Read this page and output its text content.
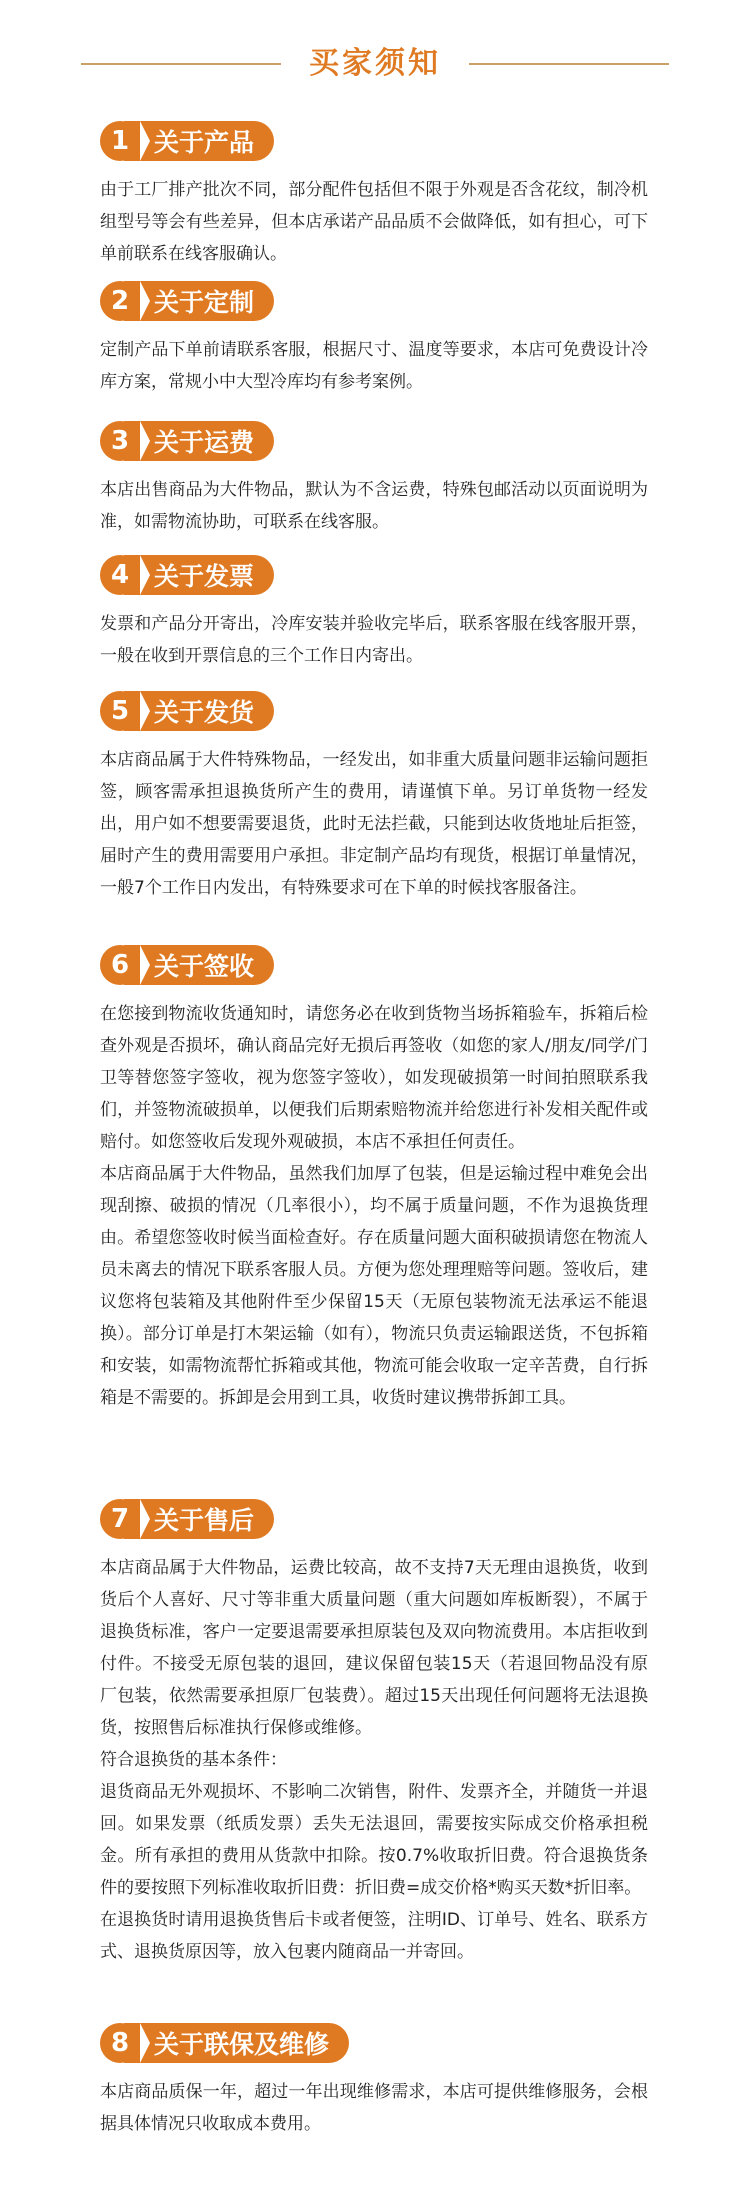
买家须知
1 关于产品

由于工厂排产批次不同，部分配件包括但不限于外观是否含花纹，制冷机组型号等会有些差异，但本店承诺产品品质不会做降低，如有担心，可下单前联系在线客服确认。

2 关于定制

定制产品下单前请联系客服，根据尺寸、温度等要求，本店可免费设计冷库方案，常规小中大型冷库均有参考案例。

3 关于运费

本店出售商品为大件物品，默认为不含运费，特殊包邮活动以页面说明为准，如需物流协助，可联系在线客服。

4 关于发票

发票和产品分开寄出，冷库安装并验收完毕后，联系客服在线客服开票，一般在收到开票信息的三个工作日内寄出。

5 关于发货

本店商品属于大件特殊物品，一经发出，如非重大质量问题非运输问题拒签，顾客需承担退换货所产生的费用，请谨慎下单。另订单货物一经发出，用户如不想要需要退货，此时无法拦截，只能到达收货地址后拒签，届时产生的费用需要用户承担。非定制产品均有现货，根据订单量情况，一般7个工作日内发出，有特殊要求可在下单的时候找客服备注。

6 关于签收

在您接到物流收货通知时，请您务必在收到货物当场拆箱验车，拆箱后检查外观是否损坏，确认商品完好无损后再签收（如您的家人/朋友/同学/门卫等替您签字签收，视为您签字签收），如发现破损第一时间拍照联系我们，并签物流破损单，以便我们后期索赔物流并给您进行补发相关配件或赔付。如您签收后发现外观破损，本店不承担任何责任。

本店商品属于大件物品，虽然我们加厚了包装，但是运输过程中难免会出现刮擦、破损的情况（几率很小），均不属于质量问题，不作为退换货理由。希望您签收时候当面检查好。存在质量问题大面积破损请您在物流人员未离去的情况下联系客服人员。方便为您处理理赔等问题。签收后，建议您将包装箱及其他附件至少保留15天（无原包装物流无法承运不能退换）。部分订单是打木架运输（如有），物流只负责运输跟送货，不包拆箱和安装，如需物流帮忙拆箱或其他，物流可能会收取一定辛苦费，自行拆箱是不需要的。拆卸是会用到工具，收货时建议携带拆卸工具。

7 关于售后

本店商品属于大件物品，运费比较高，故不支持7天无理由退换货，收到货后个人喜好、尺寸等非重大质量问题（重大问题如库板断裂），不属于退换货标准，客户一定要退需要承担原装包及双向物流费用。本店拒收到付件。不接受无原包装的退回，建议保留包装15天（若退回物品没有原厂包装，依然需要承担原厂包装费）。超过15天出现任何问题将无法退换货，按照售后标准执行保修或维修。

符合退换货的基本条件：

退货商品无外观损坏、不影响二次销售，附件、发票齐全，并随货一并退回。如果发票（纸质发票）丢失无法退回，需要按实际成交价格承担税金。所有承担的费用从货款中扣除。按0.7%收取折旧费。符合退换货条件的要按照下列标准收取折旧费：折旧费=成交价格*购买天数*折旧率。

在退换货时请用退换货售后卡或者便签，注明ID、订单号、姓名、联系方式、退换货原因等，放入包裹内随商品一并寄回。

8 关于联保及维修

本店商品质保一年，超过一年出现维修需求，本店可提供维修服务，会根据具体情况只收取成本费用。
